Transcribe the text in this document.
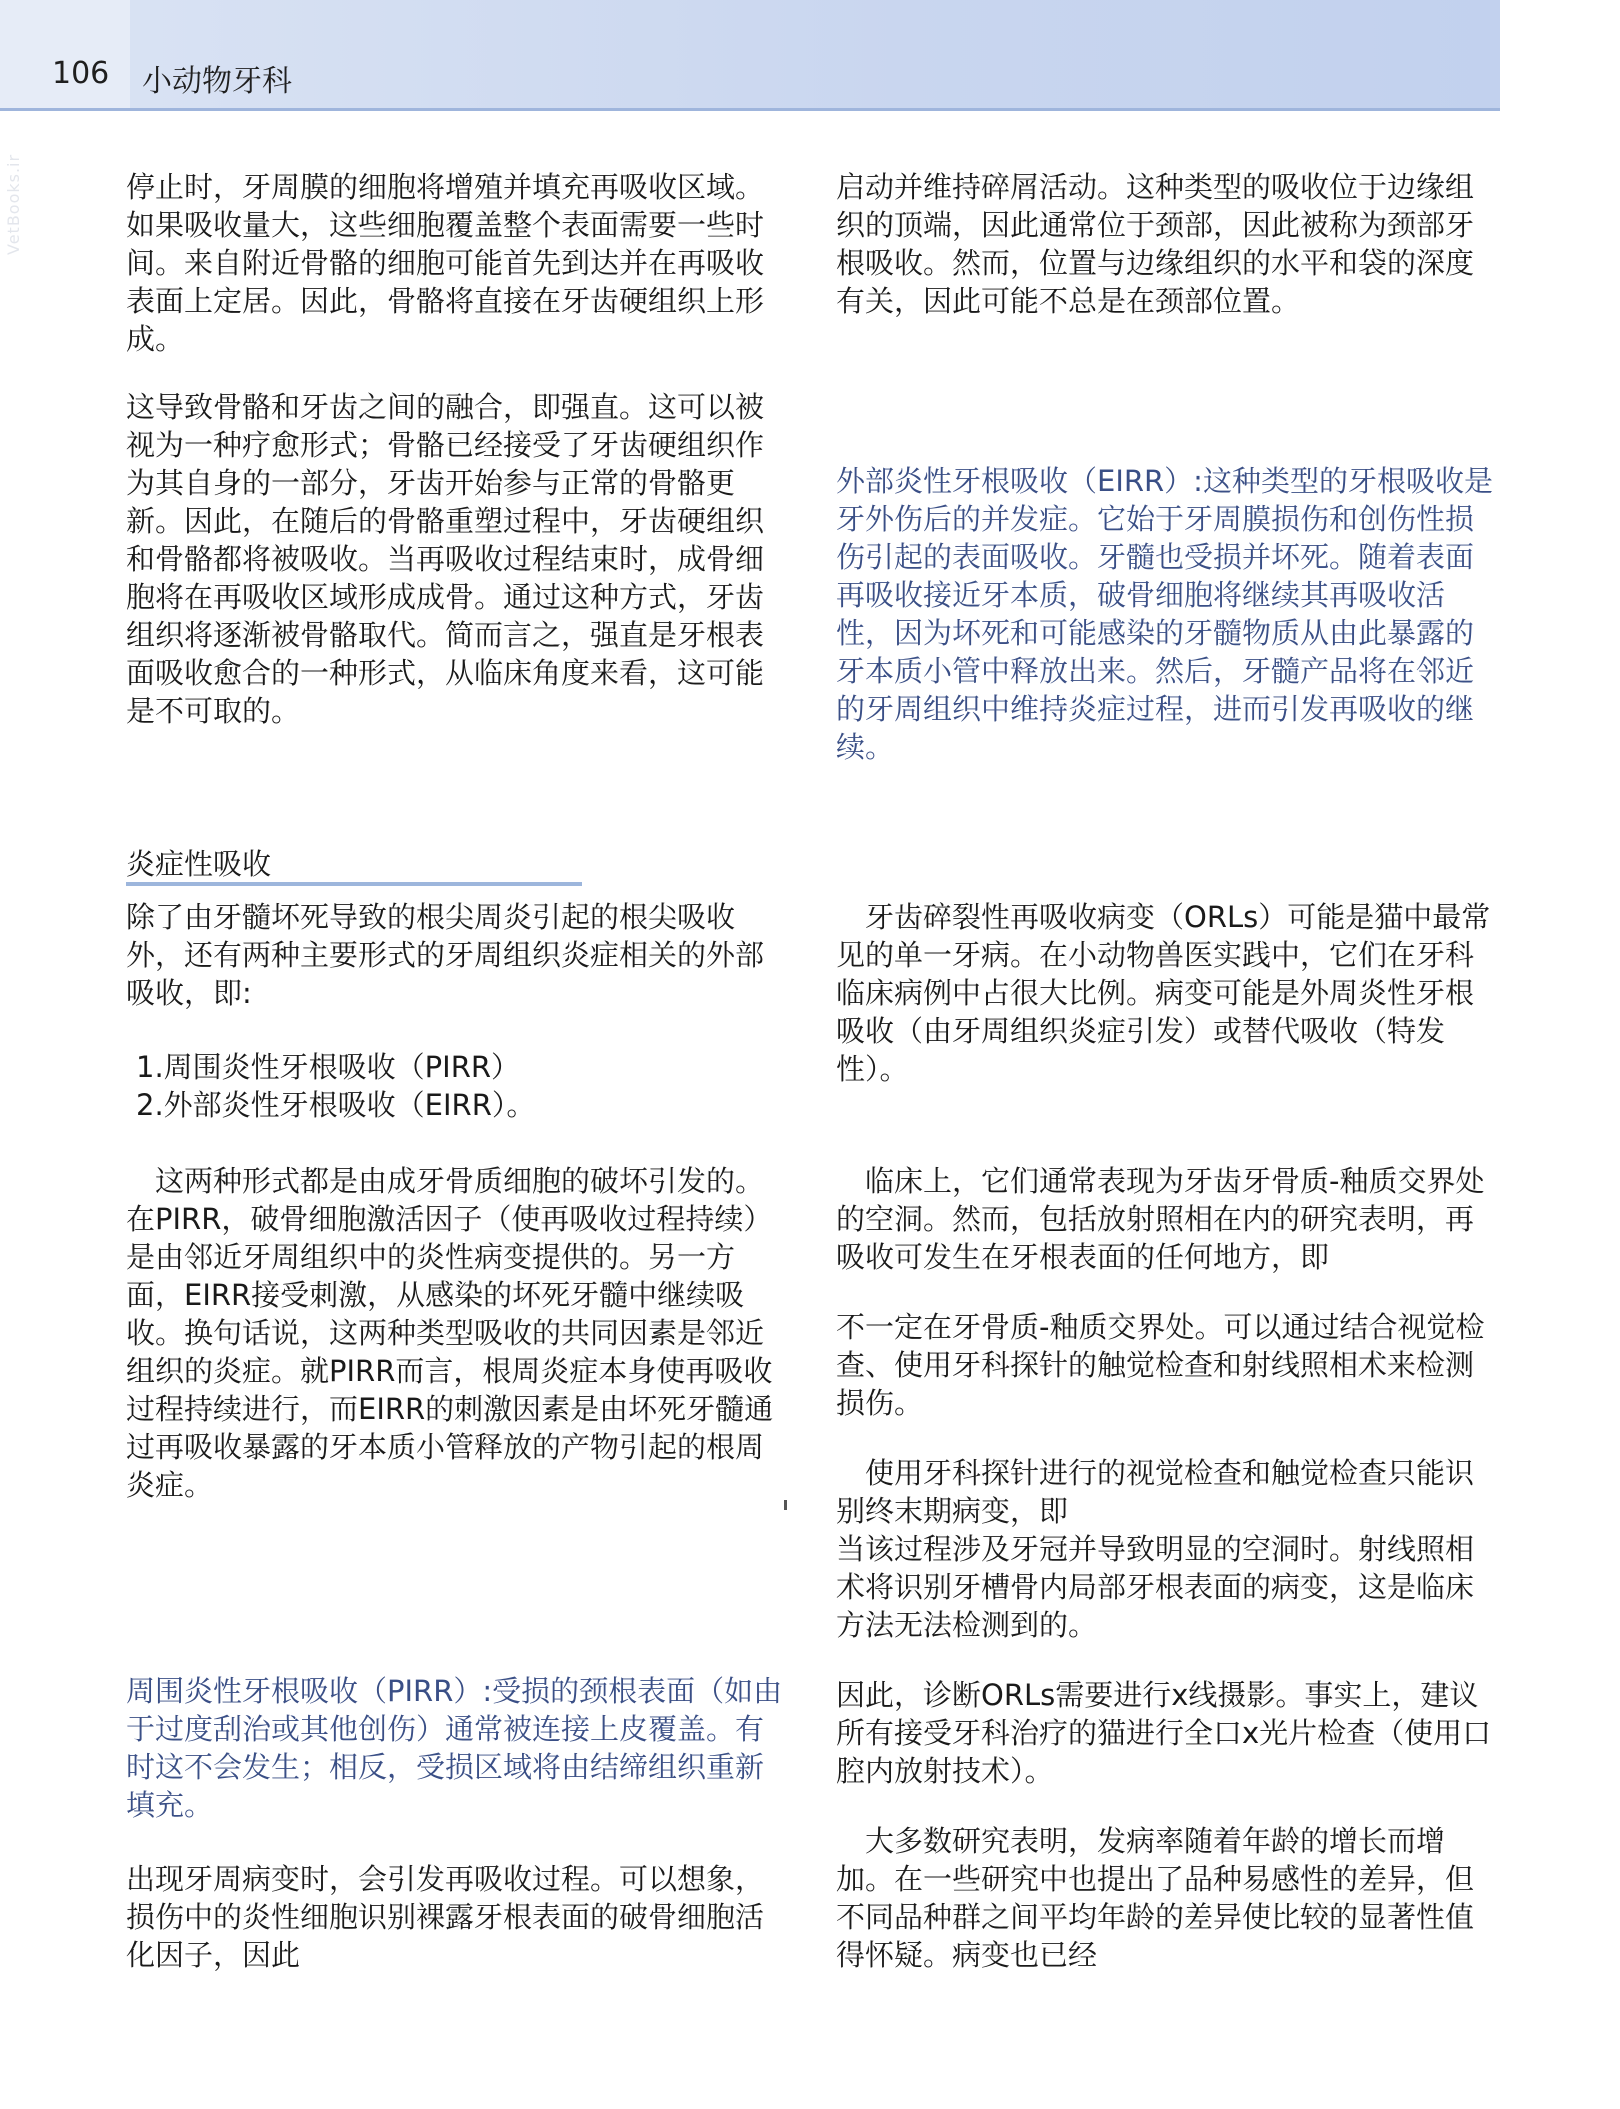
106 小动物牙科
VetBooks.ir	停止时，牙周膜的细胞将增殖并填充再吸收区域。如果吸收量大，这些细胞覆盖整个表面需要一些时间。来自附近骨骼的细胞可能首先到达并在再吸收表面上定居。因此，骨骼将直接在牙齿硬组织上形成。

这导致骨骼和牙齿之间的融合，即强直。这可以被视为一种疗愈形式；骨骼已经接受了牙齿硬组织作为其自身的一部分，牙齿开始参与正常的骨骼更新。因此，在随后的骨骼重塑过程中，牙齿硬组织和骨骼都将被吸收。当再吸收过程结束时，成骨细胞将在再吸收区域形成成骨。通过这种方式，牙齿组织将逐渐被骨骼取代。简而言之，强直是牙根表面吸收愈合的一种形式，从临床角度来看，这可能是不可取的。

炎症性吸收

除了由牙髓坏死导致的根尖周炎引起的根尖吸收外，还有两种主要形式的牙周组织炎症相关的外部吸收，即:

1.周围炎性牙根吸收（PIRR）

2.外部炎性牙根吸收（EIRR）。

这两种形式都是由成牙骨质细胞的破坏引发的。在PIRR，破骨细胞激活因子（使再吸收过程持续）是由邻近牙周组织中的炎性病变提供的。另一方面，EIRR接受刺激，从感染的坏死牙髓中继续吸收。换句话说，这两种类型吸收的共同因素是邻近组织的炎症。就PIRR而言，根周炎症本身使再吸收过程持续进行，而EIRR的刺激因素是由坏死牙髓通过再吸收暴露的牙本质小管释放的产物引起的根周炎症。

周围炎性牙根吸收（PIRR）:受损的颈根表面（如由于过度刮治或其他创伤）通常被连接上皮覆盖。有时这不会发生；相反，受损区域将由结缔组织重新填充。

出现牙周病变时，会引发再吸收过程。可以想象，损伤中的炎性细胞识别裸露牙根表面的破骨细胞活化因子，因此

启动并维持碎屑活动。这种类型的吸收位于边缘组织的顶端，因此通常位于颈部，因此被称为颈部牙根吸收。然而，位置与边缘组织的水平和袋的深度有关，因此可能不总是在颈部位置。

外部炎性牙根吸收（EIRR）:这种类型的牙根吸收是牙外伤后的并发症。它始于牙周膜损伤和创伤性损伤引起的表面吸收。牙髓也受损并坏死。随着表面再吸收接近牙本质，破骨细胞将继续其再吸收活性，因为坏死和可能感染的牙髓物质从由此暴露的牙本质小管中释放出来。然后，牙髓产品将在邻近的牙周组织中维持炎症过程，进而引发再吸收的继续。

牙齿碎裂性再吸收病变（ORLs）可能是猫中最常见的单一牙病。在小动物兽医实践中，它们在牙科临床病例中占很大比例。病变可能是外周炎性牙根吸收（由牙周组织炎症引发）或替代吸收（特发性）。

临床上，它们通常表现为牙齿牙骨质-釉质交界处的空洞。然而，包括放射照相在内的研究表明，再吸收可发生在牙根表面的任何地方，即

不一定在牙骨质-釉质交界处。可以通过结合视觉检查、使用牙科探针的触觉检查和射线照相术来检测损伤。

使用牙科探针进行的视觉检查和触觉检查只能识别终末期病变，即

当该过程涉及牙冠并导致明显的空洞时。射线照相术将识别牙槽骨内局部牙根表面的病变，这是临床方法无法检测到的。

因此，诊断ORLs需要进行x线摄影。事实上，建议所有接受牙科治疗的猫进行全口x光片检查（使用口腔内放射技术）。

大多数研究表明，发病率随着年龄的增长而增加。在一些研究中也提出了品种易感性的差异，但不同品种群之间平均年龄的差异使比较的显著性值得怀疑。病变也已经
